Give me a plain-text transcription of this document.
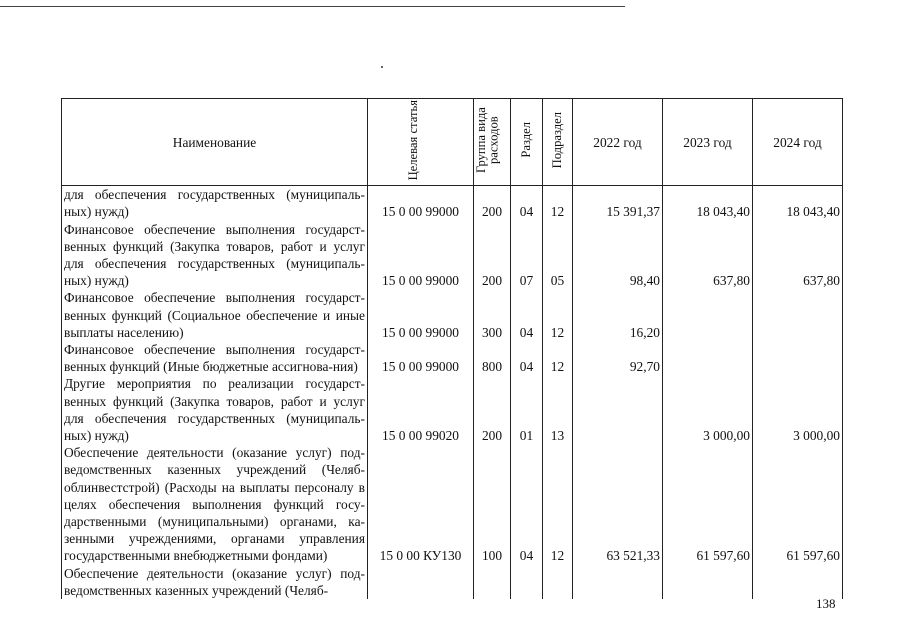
Наименование	Целевая статья	Группа вида расходов	Раздел	Подраздел	2022 год	2023 год	2024 год
для обеспечения государственных (муниципаль-ных) нужд)	15 0 00 99000	200	04	12	15 391,37	18 043,40	18 043,40
Финансовое обеспечение выполнения государст-венных функций (Закупка товаров, работ и услуг для обеспечения государственных (муниципаль-ных) нужд)	15 0 00 99000	200	07	05	98,40	637,80	637,80
Финансовое обеспечение выполнения государст-венных функций (Социальное обеспечение и иные выплаты населению)	15 0 00 99000	300	04	12	16,20		
Финансовое обеспечение выполнения государст-венных функций (Иные бюджетные ассигнова-ния)	15 0 00 99000	800	04	12	92,70		
Другие мероприятия по реализации государст-венных функций (Закупка товаров, работ и услуг для обеспечения государственных (муниципаль-ных) нужд)	15 0 00 99020	200	01	13		3 000,00	3 000,00
Обеспечение деятельности (оказание услуг) под-ведомственных казенных учреждений (Челяб-облинвестстрой) (Расходы на выплаты персоналу в целях обеспечения выполнения функций госу-дарственными (муниципальными) органами, ка-зенными учреждениями, органами управления государственными внебюджетными фондами)	15 0 00 КУ130	100	04	12	63 521,33	61 597,60	61 597,60
Обеспечение деятельности (оказание услуг) под-ведомственных казенных учреждений (Челяб-							
138
